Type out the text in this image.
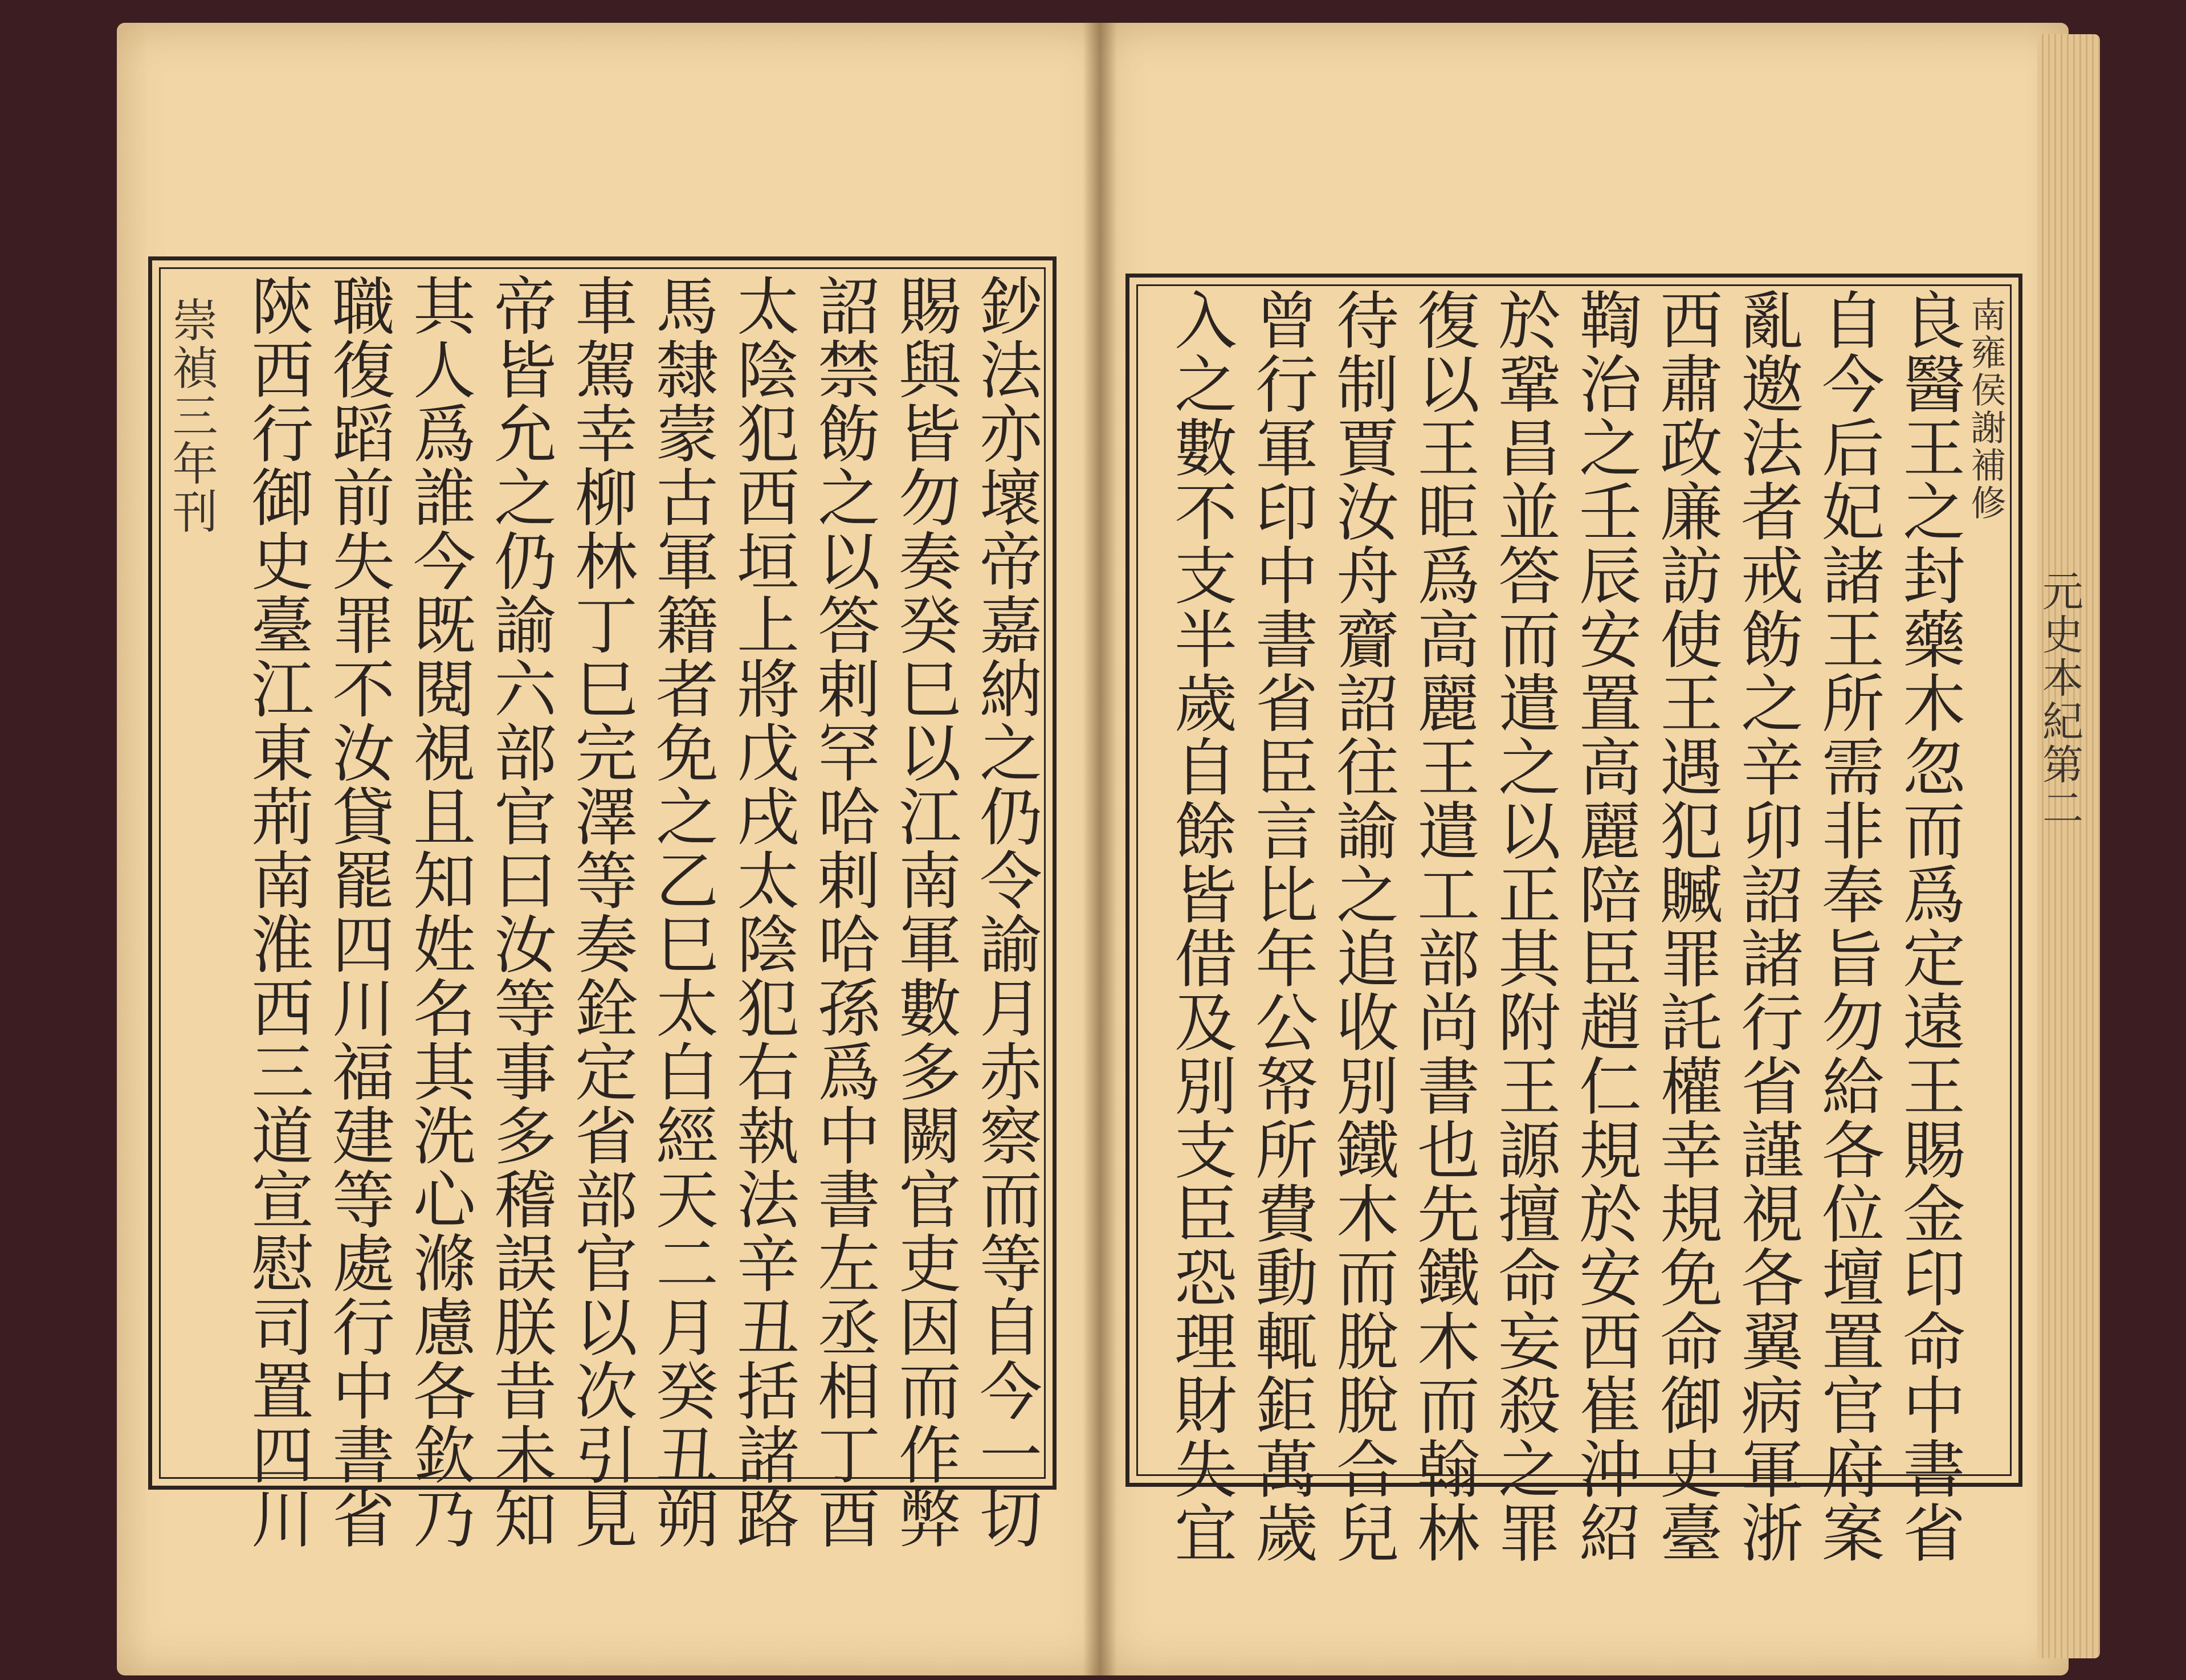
南雍侯謝補修
元史本紀第二
良醫王之封藥木忽而爲定遠王賜金印命中書省
自今后妃諸王所需非奉旨勿給各位壇置官府案
亂邀法者戒飭之辛卯詔諸行省謹視各翼病軍浙
西肅政廉訪使王遇犯贓罪託權幸規免命御史臺
鞫治之壬辰安置高麗陪臣趙仁規於安西崔沖紹
於鞏昌並答而遣之以正其附王謜擅命妄殺之罪
復以王昛爲高麗王遣工部尚書也先鐵木而翰林
待制賈汝舟齎詔往諭之追收別鐵木而脫脫合兒
曾行軍印中書省臣言比年公帑所費動輒鉅萬歲
入之數不支半歲自餘皆借及別支臣恐理財失宜
鈔法亦壞帝嘉納之仍令諭月赤察而等自今一切
賜與皆勿奏癸巳以江南軍數多闕官吏因而作弊
詔禁飭之以答剌罕哈剌哈孫爲中書左丞相丁酉
太陰犯西垣上將戊戌太陰犯右執法辛丑括諸路
馬隸蒙古軍籍者免之乙巳太白經天二月癸丑朔
車駕幸柳林丁巳完澤等奏銓定省部官以次引見
帝皆允之仍諭六部官曰汝等事多稽誤朕昔未知
其人爲誰今既閱視且知姓名其洗心滌慮各欽乃
職復蹈前失罪不汝貸罷四川福建等處行中書省
陝西行御史臺江東荊南淮西三道宣慰司置四川
崇禎三年刊
